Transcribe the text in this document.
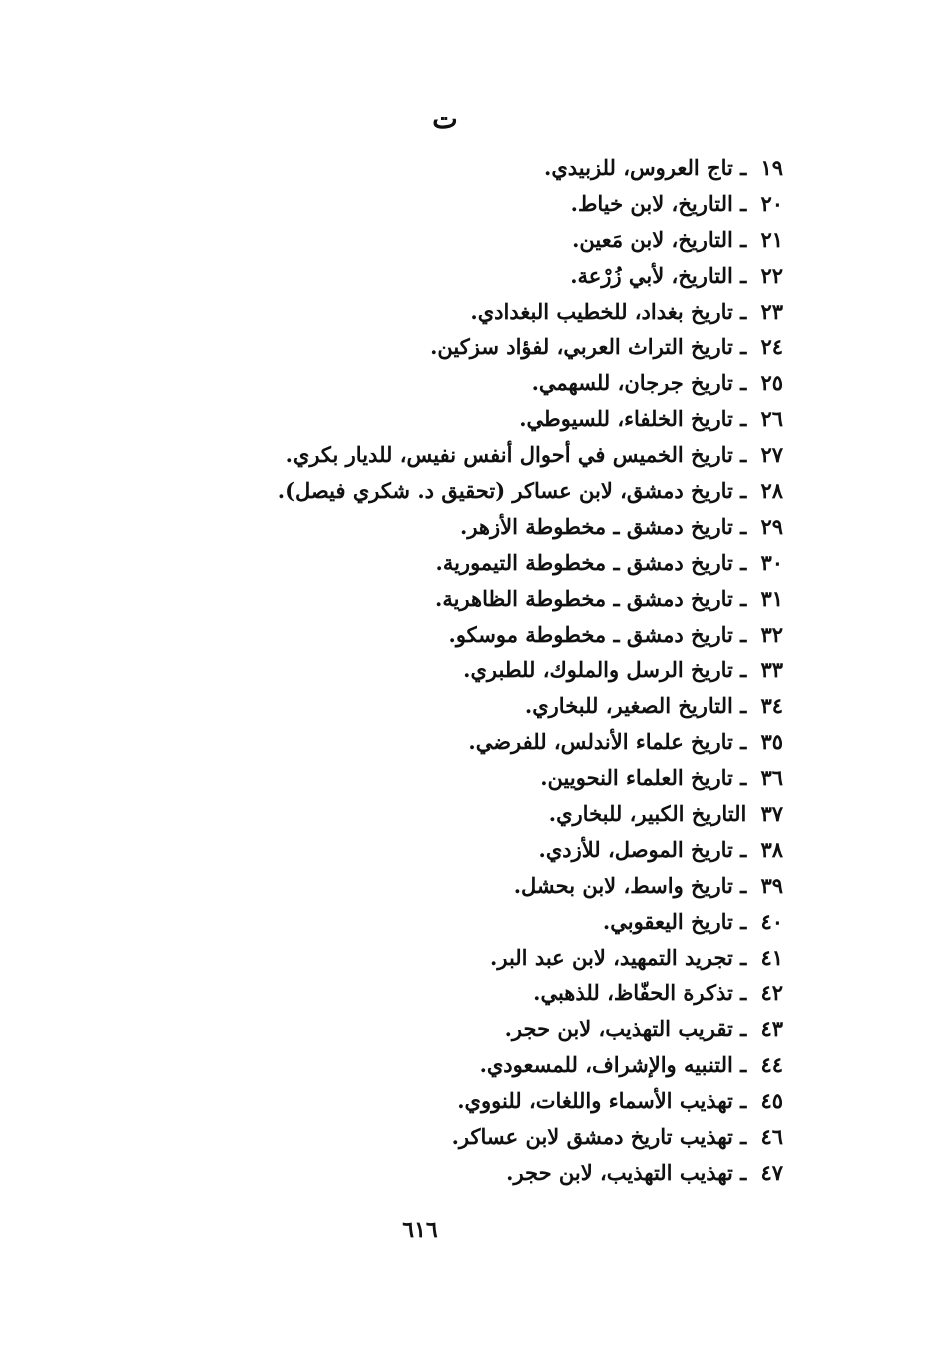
ت
١٩ ـ تاج العروس، للزبيدي.
٢٠ ـ التاريخ، لابن خياط.
٢١ ـ التاريخ، لابن مَعين.
٢٢ ـ التاريخ، لأبي زُرْعة.
٢٣ ـ تاريخ بغداد، للخطيب البغدادي.
٢٤ ـ تاريخ التراث العربي، لفؤاد سزكين.
٢٥ ـ تاريخ جرجان، للسهمي.
٢٦ ـ تاريخ الخلفاء، للسيوطي.
٢٧ ـ تاريخ الخميس في أحوال أنفس نفيس، للديار بكري.
٢٨ ـ تاريخ دمشق، لابن عساكر (تحقيق د. شكري فيصل).
٢٩ ـ تاريخ دمشق ـ مخطوطة الأزهر.
٣٠ ـ تاريخ دمشق ـ مخطوطة التيمورية.
٣١ ـ تاريخ دمشق ـ مخطوطة الظاهرية.
٣٢ ـ تاريخ دمشق ـ مخطوطة موسكو.
٣٣ ـ تاريخ الرسل والملوك، للطبري.
٣٤ ـ التاريخ الصغير، للبخاري.
٣٥ ـ تاريخ علماء الأندلس، للفرضي.
٣٦ ـ تاريخ العلماء النحويين.
٣٧ التاريخ الكبير، للبخاري.
٣٨ ـ تاريخ الموصل، للأزدي.
٣٩ ـ تاريخ واسط، لابن بحشل.
٤٠ ـ تاريخ اليعقوبي.
٤١ ـ تجريد التمهيد، لابن عبد البر.
٤٢ ـ تذكرة الحفّاظ، للذهبي.
٤٣ ـ تقريب التهذيب، لابن حجر.
٤٤ ـ التنبيه والإشراف، للمسعودي.
٤٥ ـ تهذيب الأسماء واللغات، للنووي.
٤٦ ـ تهذيب تاريخ دمشق لابن عساكر.
٤٧ ـ تهذيب التهذيب، لابن حجر.
٦١٦
